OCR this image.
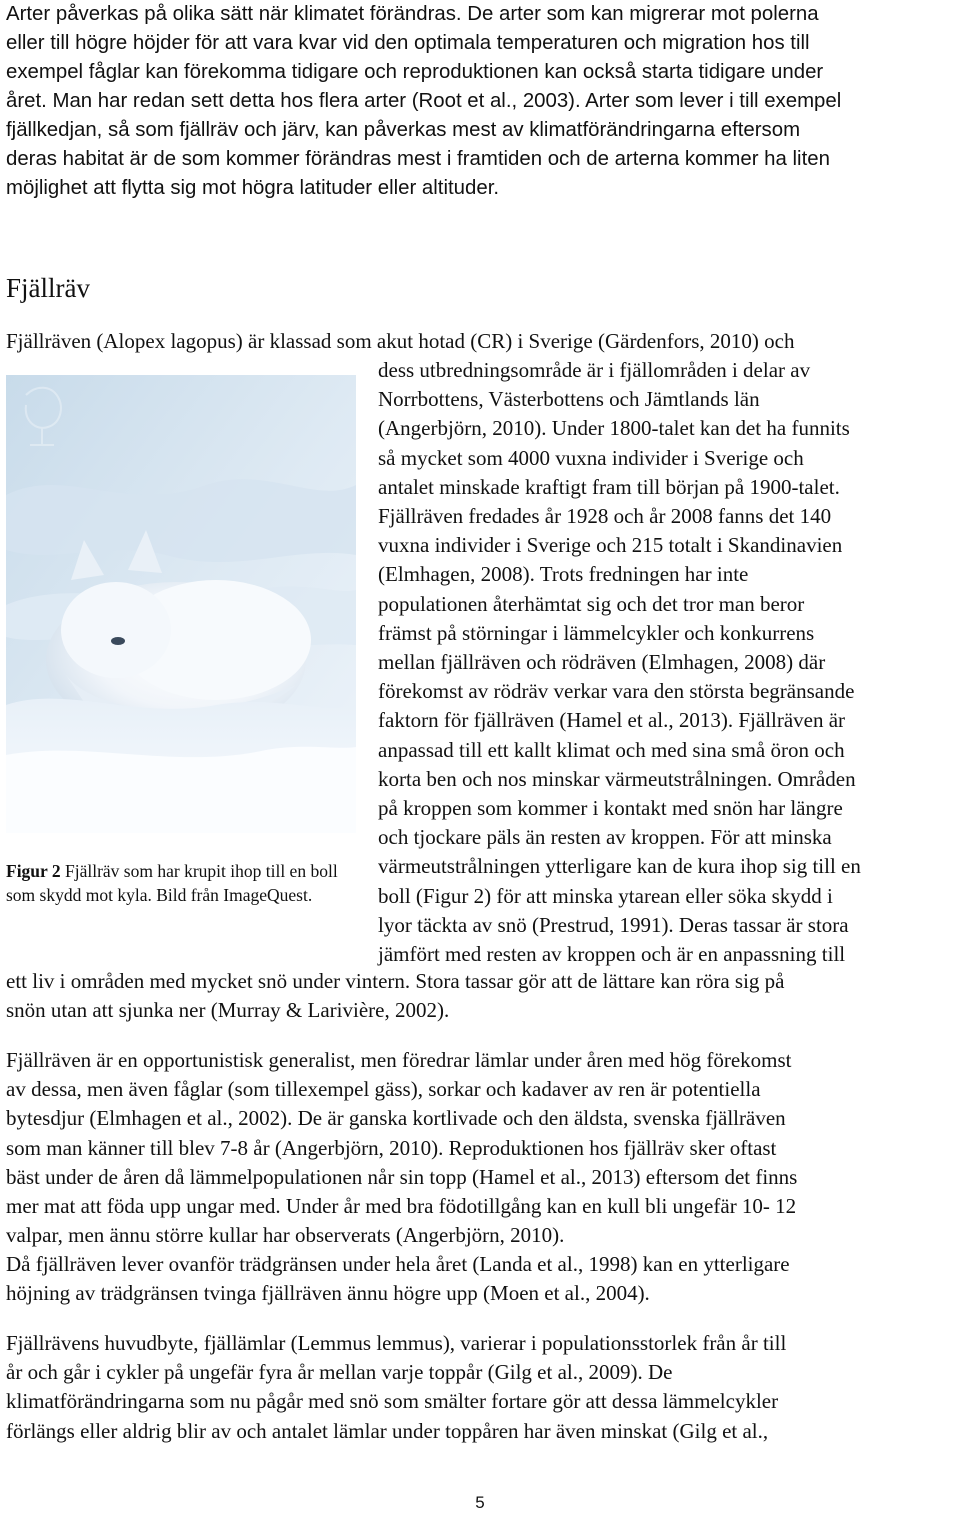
Arter påverkas på olika sätt när klimatet förändras. De arter som kan migrerar mot polerna
eller till högre höjder för att vara kvar vid den optimala temperaturen och migration hos till
exempel fåglar kan förekomma tidigare och reproduktionen kan också starta tidigare under
året. Man har redan sett detta hos flera arter (Root et al., 2003). Arter som lever i till exempel
fjällkedjan, så som fjällräv och järv, kan påverkas mest av klimatförändringarna eftersom
deras habitat är de som kommer förändras mest i framtiden och de arterna kommer ha liten
möjlighet att flytta sig mot högra latituder eller altituder.
Fjällräv
Fjällräven (Alopex lagopus) är klassad som akut hotad (CR) i Sverige (Gärdenfors, 2010) och
Figur 2 Fjällräv som har krupit ihop till en boll som skydd mot kyla. Bild från ImageQuest.
dess utbredningsområde är i fjällområden i delar av
Norrbottens, Västerbottens och Jämtlands län
(Angerbjörn, 2010). Under 1800-talet kan det ha funnits
så mycket som 4000 vuxna individer i Sverige och
antalet minskade kraftigt fram till början på 1900-talet.
Fjällräven fredades år 1928 och år 2008 fanns det 140
vuxna individer i Sverige och 215 totalt i Skandinavien
(Elmhagen, 2008). Trots fredningen har inte
populationen återhämtat sig och det tror man beror
främst på störningar i lämmelcykler och konkurrens
mellan fjällräven och rödräven (Elmhagen, 2008) där
förekomst av rödräv verkar vara den största begränsande
faktorn för fjällräven (Hamel et al., 2013). Fjällräven är
anpassad till ett kallt klimat och med sina små öron och
korta ben och nos minskar värmeutstrålningen. Områden
på kroppen som kommer i kontakt med snön har längre
och tjockare päls än resten av kroppen. För att minska
värmeutstrålningen ytterligare kan de kura ihop sig till en
boll (Figur 2) för att minska ytarean eller söka skydd i
lyor täckta av snö (Prestrud, 1991). Deras tassar är stora
jämfört med resten av kroppen och är en anpassning till
ett liv i områden med mycket snö under vintern. Stora tassar gör att de lättare kan röra sig på
snön utan att sjunka ner (Murray & Larivière, 2002).
Fjällräven är en opportunistisk generalist, men föredrar lämlar under åren med hög förekomst
av dessa, men även fåglar (som tillexempel gäss), sorkar och kadaver av ren är potentiella
bytesdjur (Elmhagen et al., 2002). De är ganska kortlivade och den äldsta, svenska fjällräven
som man känner till blev 7-8 år (Angerbjörn, 2010). Reproduktionen hos fjällräv sker oftast
bäst under de åren då lämmelpopulationen når sin topp (Hamel et al., 2013) eftersom det finns
mer mat att föda upp ungar med. Under år med bra födotillgång kan en kull bli ungefär 10- 12
valpar, men ännu större kullar har observerats (Angerbjörn, 2010).
Då fjällräven lever ovanför trädgränsen under hela året (Landa et al., 1998) kan en ytterligare
höjning av trädgränsen tvinga fjällräven ännu högre upp (Moen et al., 2004).
Fjällrävens huvudbyte, fjällämlar (Lemmus lemmus), varierar i populationsstorlek från år till
år och går i cykler på ungefär fyra år mellan varje toppår (Gilg et al., 2009). De
klimatförändringarna som nu pågår med snö som smälter fortare gör att dessa lämmelcykler
förlängs eller aldrig blir av och antalet lämlar under toppåren har även minskat (Gilg et al.,
5
